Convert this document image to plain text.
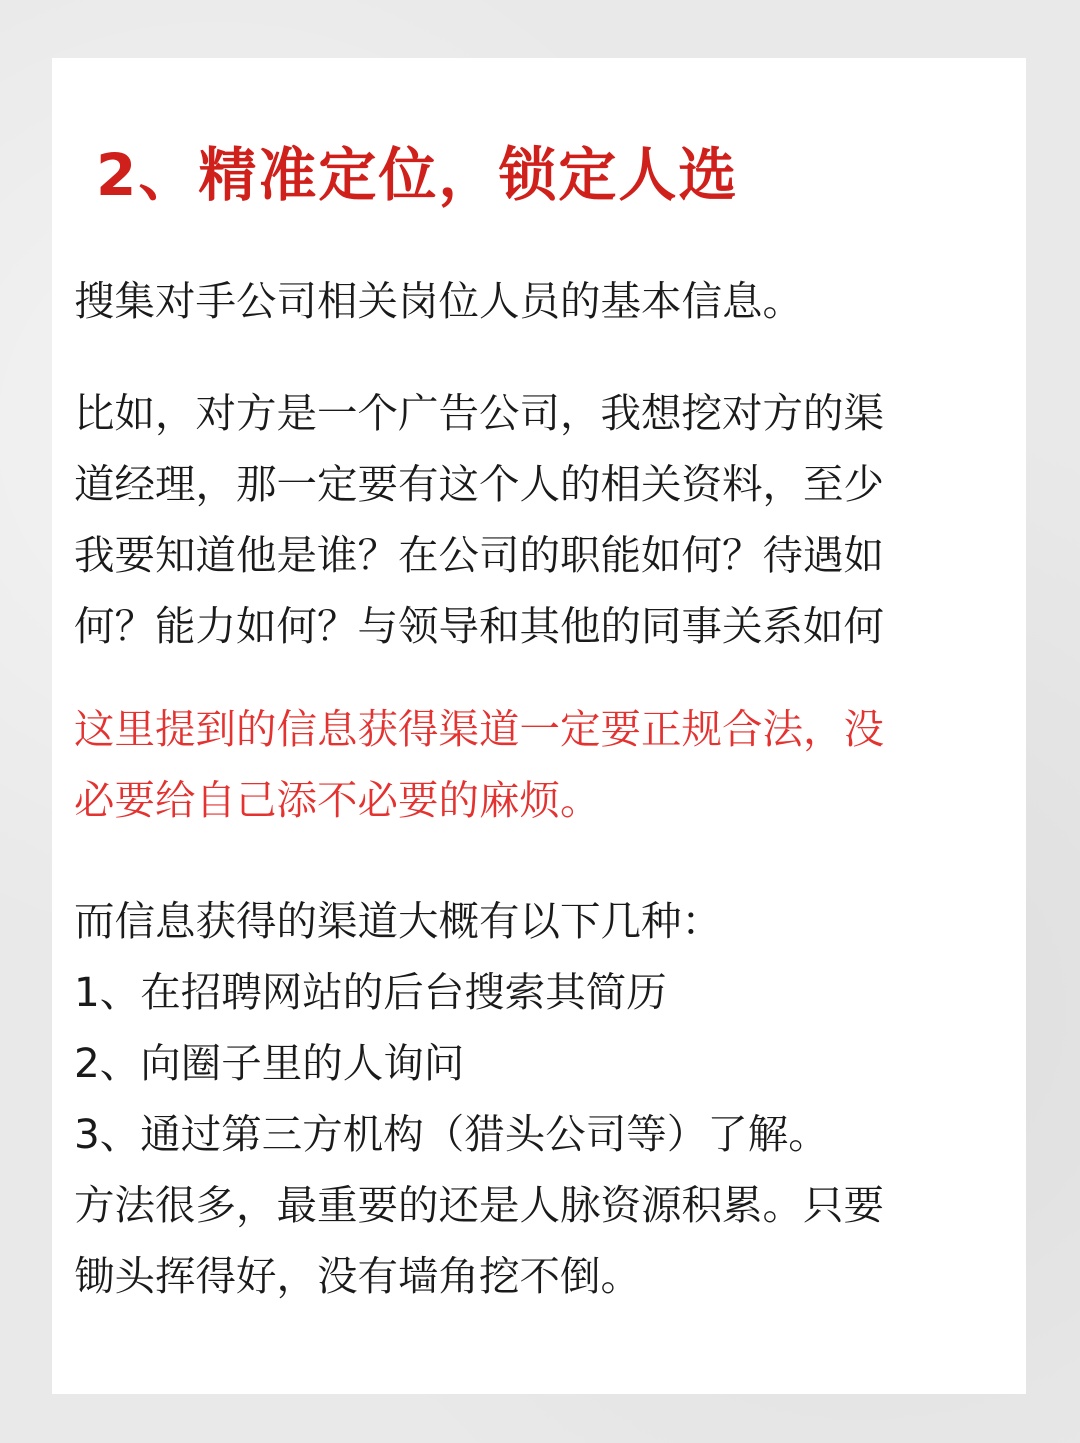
2、精准定位，锁定人选

搜集对手公司相关岗位人员的基本信息。

比如，对方是一个广告公司，我想挖对方的渠
道经理，那一定要有这个人的相关资料，至少
我要知道他是谁？在公司的职能如何？待遇如
何？能力如何？与领导和其他的同事关系如何

这里提到的信息获得渠道一定要正规合法，没
必要给自己添不必要的麻烦。

而信息获得的渠道大概有以下几种：
1、在招聘网站的后台搜索其简历
2、向圈子里的人询问
3、通过第三方机构（猎头公司等）了解。
方法很多，最重要的还是人脉资源积累。只要
锄头挥得好，没有墙角挖不倒。
